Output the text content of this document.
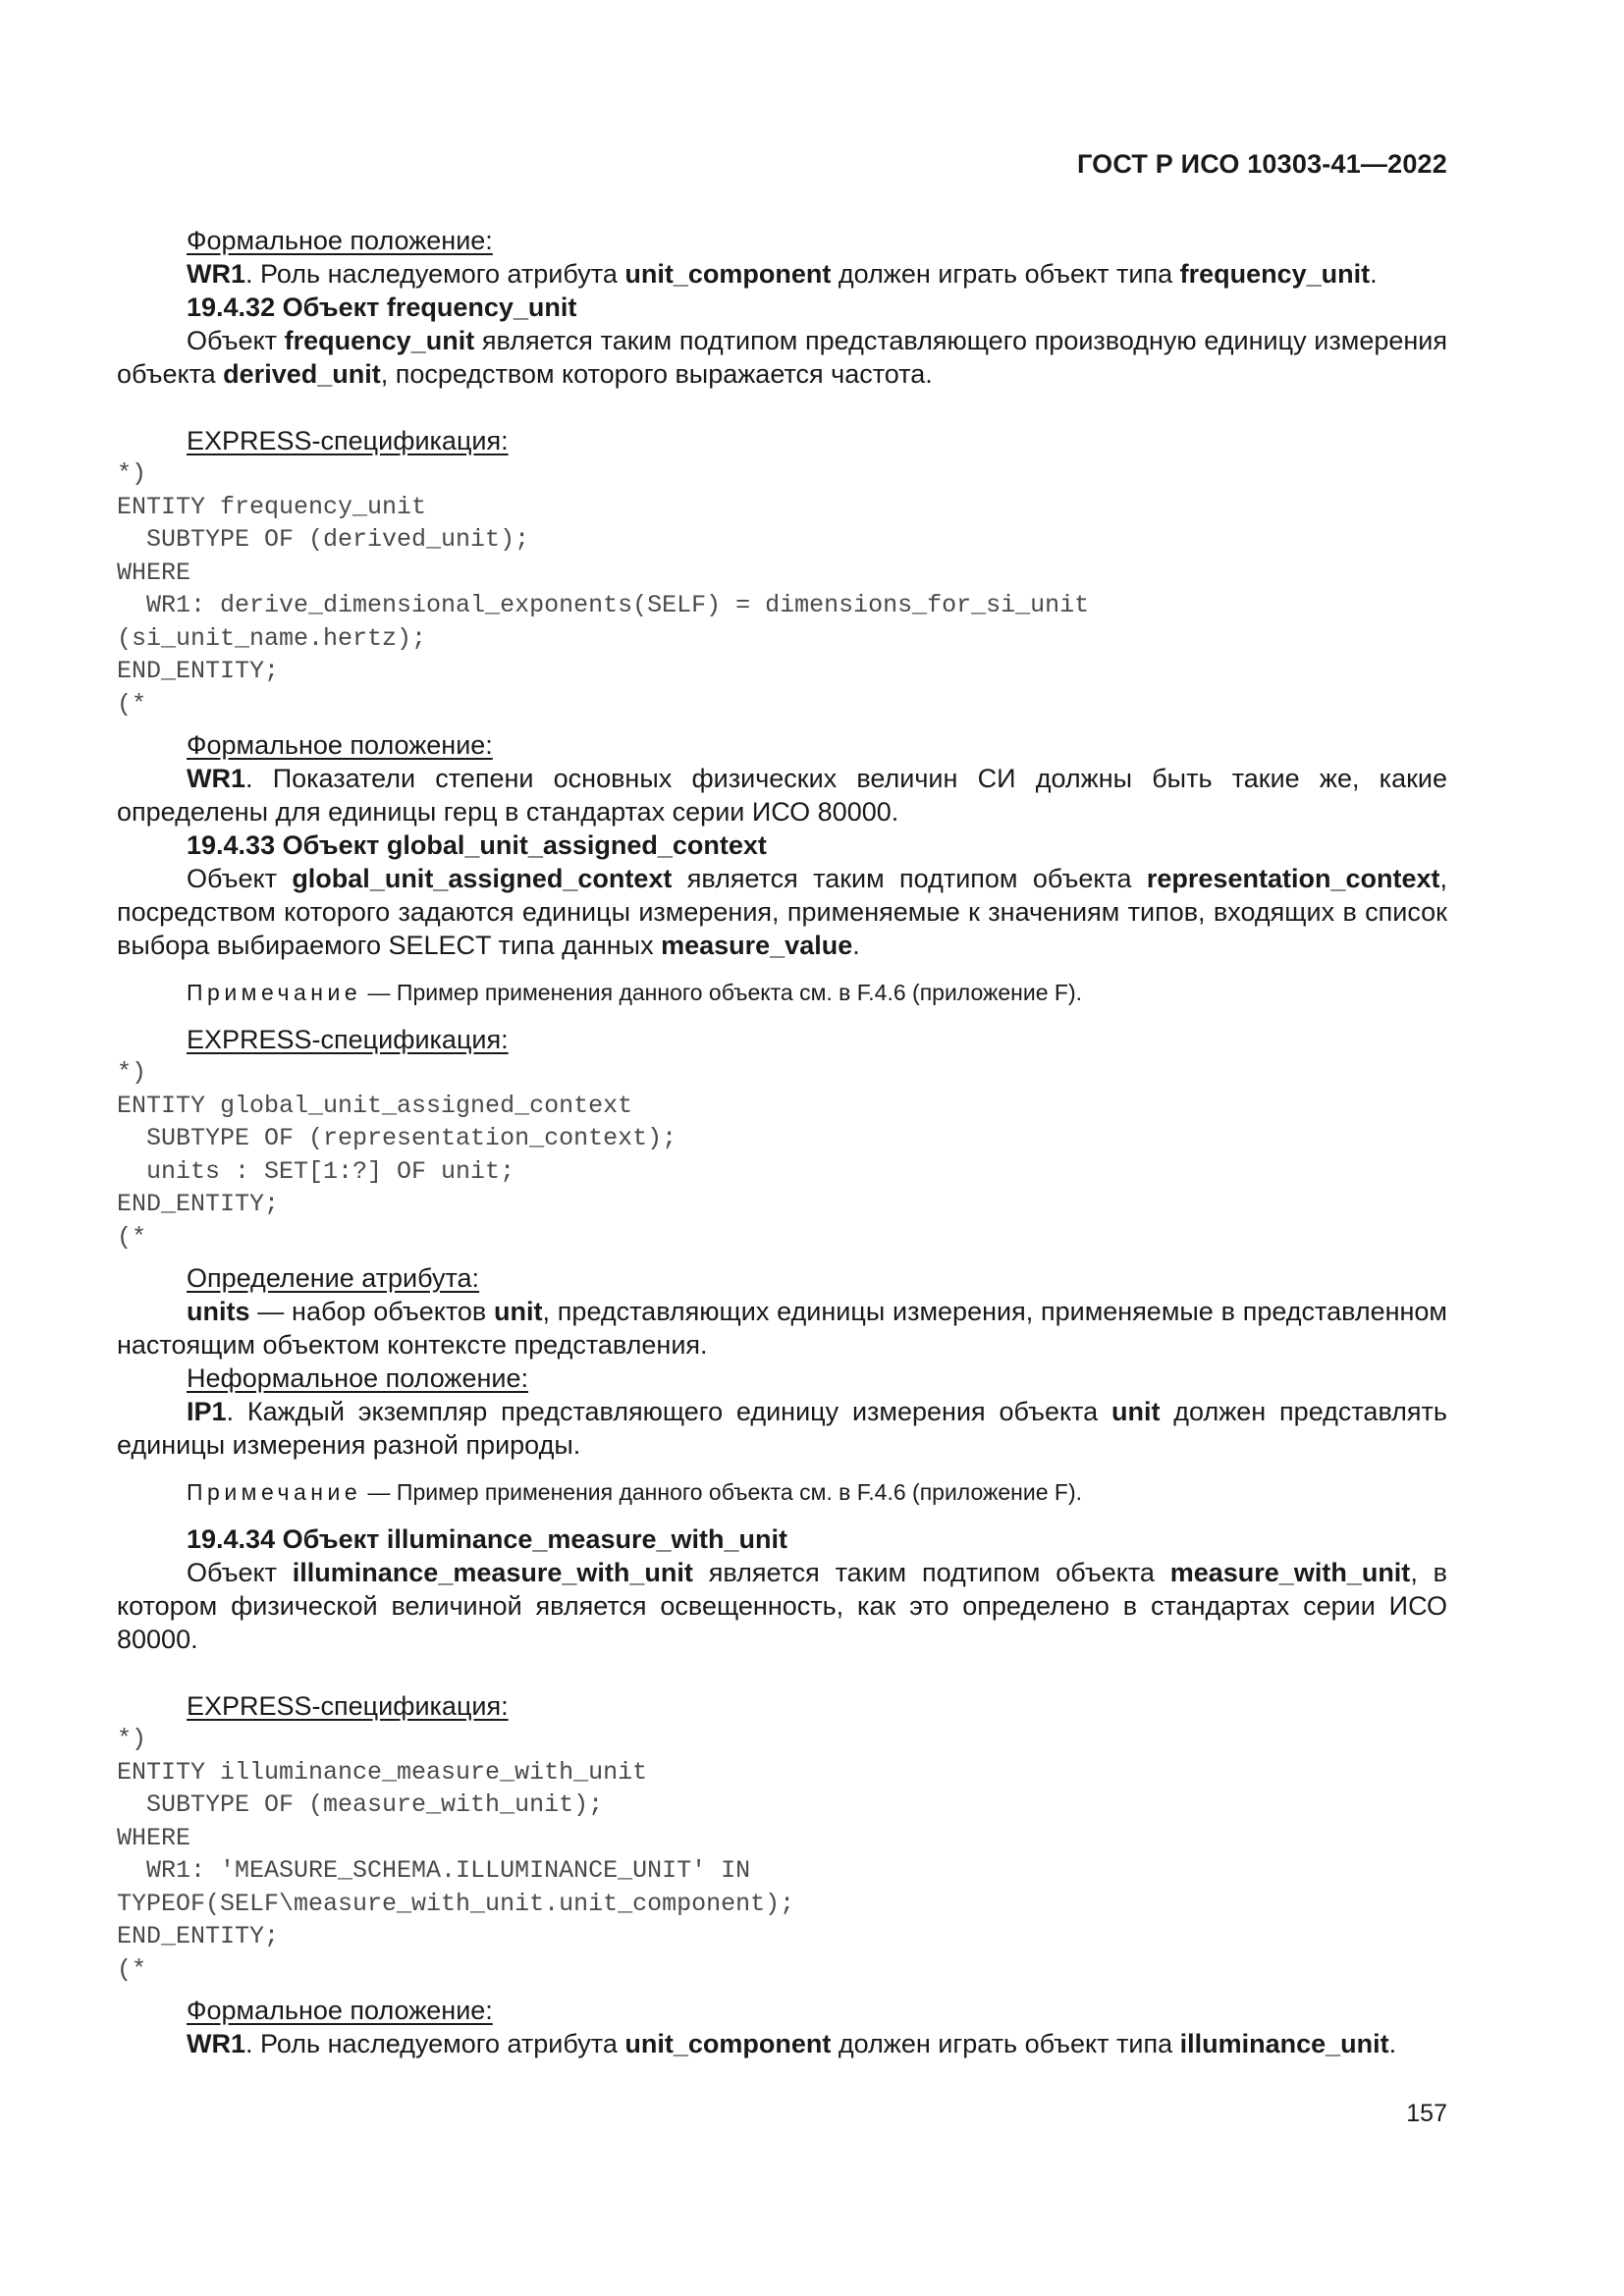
ГОСТ Р ИСО 10303-41—2022
Формальное положение:

WR1. Роль наследуемого атрибута unit_component должен играть объект типа frequency_unit.

19.4.32 Объект frequency_unit

Объект frequency_unit является таким подтипом представляющего производную единицу измерения объекта derived_unit, посредством которого выражается частота.

EXPRESS-спецификация:
*)
ENTITY frequency_unit
SUBTYPE OF (derived_unit);
WHERE
WR1: derive_dimensional_exponents(SELF) = dimensions_for_si_unit
(si_unit_name.hertz);
END_ENTITY;
(*
Формальное положение:

WR1. Показатели степени основных физических величин СИ должны быть такие же, какие определены для единицы герц в стандартах серии ИСО 80000.

19.4.33 Объект global_unit_assigned_context

Объект global_unit_assigned_context является таким подтипом объекта representation_context, посредством которого задаются единицы измерения, применяемые к значениям типов, входящих в список выбора выбираемого SELECT типа данных measure_value.

Примечание — Пример применения данного объекта см. в F.4.6 (приложение F).

EXPRESS-спецификация:
*)
ENTITY global_unit_assigned_context
SUBTYPE OF (representation_context);
units : SET[1:?] OF unit;
END_ENTITY;
(*
Определение атрибута:

units — набор объектов unit, представляющих единицы измерения, применяемые в представленном настоящим объектом контексте представления.

Неформальное положение:

IP1. Каждый экземпляр представляющего единицу измерения объекта unit должен представлять единицы измерения разной природы.

Примечание — Пример применения данного объекта см. в F.4.6 (приложение F).

19.4.34 Объект illuminance_measure_with_unit

Объект illuminance_measure_with_unit является таким подтипом объекта measure_with_unit, в котором физической величиной является освещенность, как это определено в стандартах серии ИСО 80000.

EXPRESS-спецификация:
*)
ENTITY illuminance_measure_with_unit
SUBTYPE OF (measure_with_unit);
WHERE
WR1: 'MEASURE_SCHEMA.ILLUMINANCE_UNIT' IN
TYPEOF(SELF\measure_with_unit.unit_component);
END_ENTITY;
(*
Формальное положение:

WR1. Роль наследуемого атрибута unit_component должен играть объект типа illuminance_unit.

157
